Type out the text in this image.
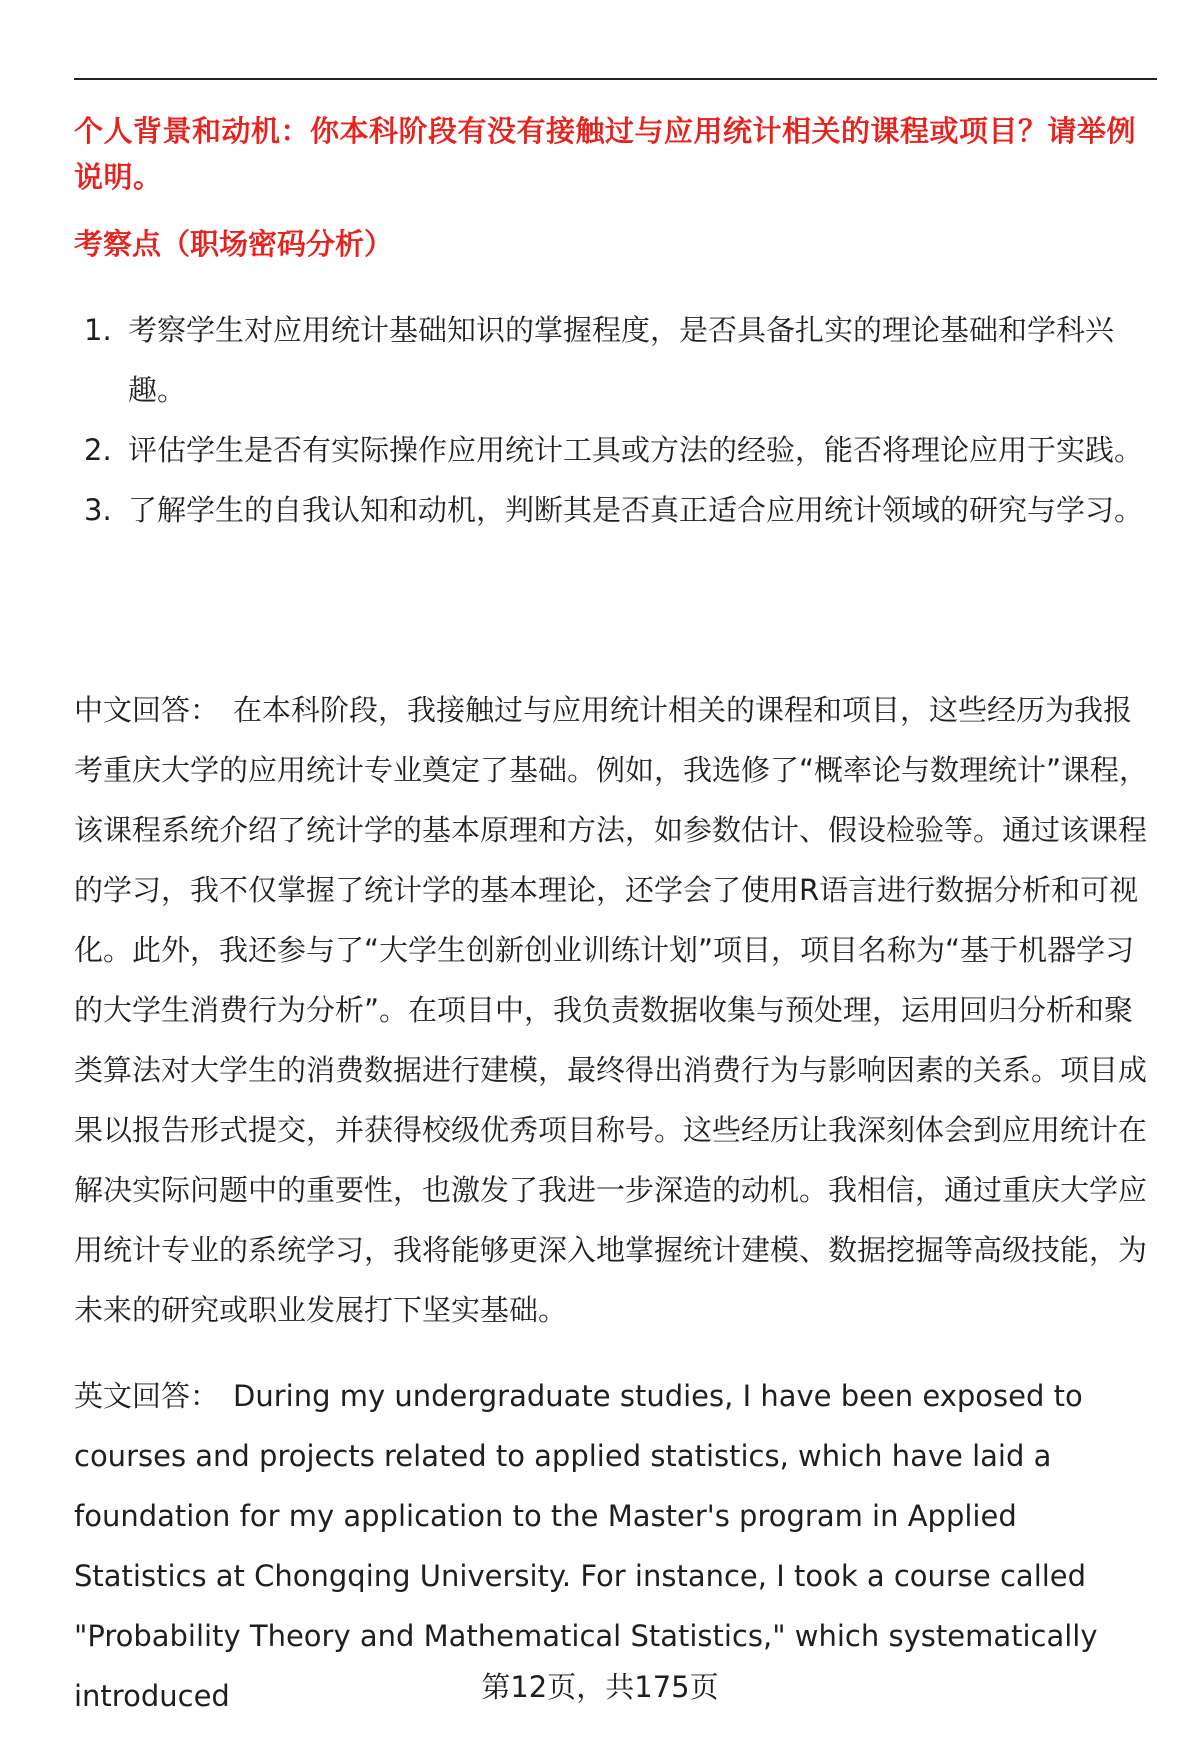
个人背景和动机：你本科阶段有没有接触过与应用统计相关的课程或项目？请举例说明。
考察点（职场密码分析）
1. 考察学生对应用统计基础知识的掌握程度，是否具备扎实的理论基础和学科兴趣。
2. 评估学生是否有实际操作应用统计工具或方法的经验，能否将理论应用于实践。
3. 了解学生的自我认知和动机，判断其是否真正适合应用统计领域的研究与学习。

中文回答： 在本科阶段，我接触过与应用统计相关的课程和项目，这些经历为我报考重庆大学的应用统计专业奠定了基础。例如，我选修了“概率论与数理统计”课程，该课程系统介绍了统计学的基本原理和方法，如参数估计、假设检验等。通过该课程的学习，我不仅掌握了统计学的基本理论，还学会了使用R语言进行数据分析和可视化。此外，我还参与了“大学生创新创业训练计划”项目，项目名称为“基于机器学习的大学生消费行为分析”。在项目中，我负责数据收集与预处理，运用回归分析和聚类算法对大学生的消费数据进行建模，最终得出消费行为与影响因素的关系。项目成果以报告形式提交，并获得校级优秀项目称号。这些经历让我深刻体会到应用统计在解决实际问题中的重要性，也激发了我进一步深造的动机。我相信，通过重庆大学应用统计专业的系统学习，我将能够更深入地掌握统计建模、数据挖掘等高级技能，为未来的研究或职业发展打下坚实基础。

英文回答： During my undergraduate studies, I have been exposed to courses and projects related to applied statistics, which have laid a foundation for my application to the Master's program in Applied Statistics at Chongqing University. For instance, I took a course called "Probability Theory and Mathematical Statistics," which systematically introduced	第12页，共175页
